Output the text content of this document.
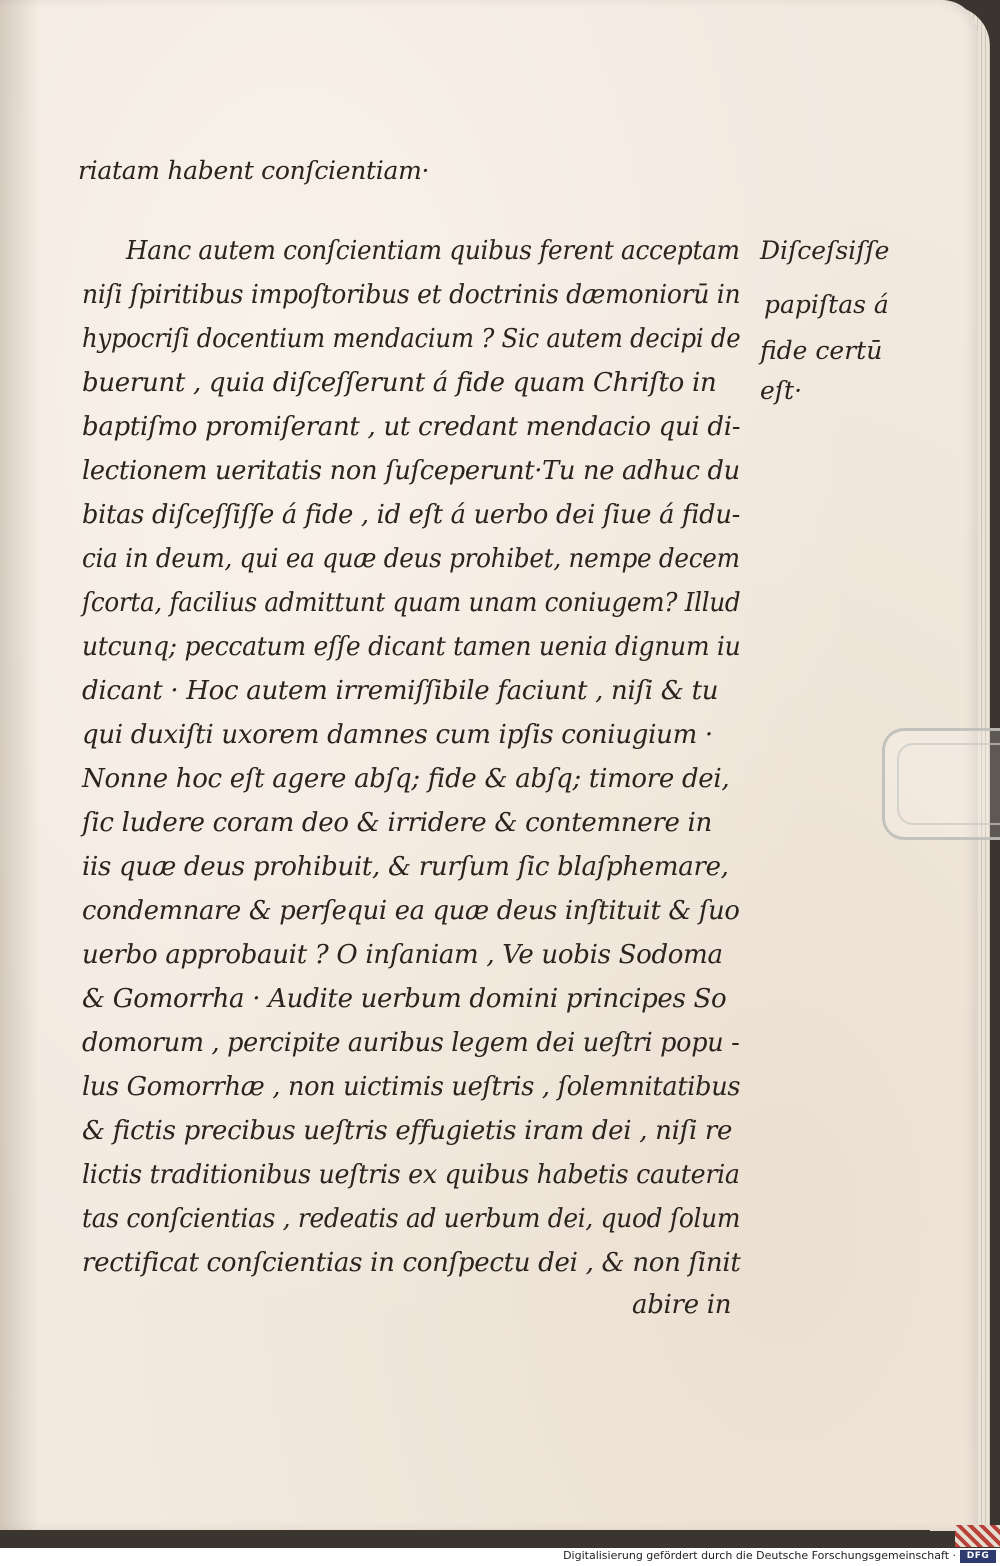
riatam habent conſcientiam·
Hanc autem conſcientiam quibus ferent acceptam
niſi ſpiritibus impoſtoribus et doctrinis dæmoniorū in
hypocriſi docentium mendacium ? Sic autem decipi de
buerunt , quia diſceſſerunt á fide quam Chriſto in
baptiſmo promiſerant , ut credant mendacio qui di-
lectionem ueritatis non ſuſceperunt·Tu ne adhuc du
bitas diſceſſiſſe á fide , id eſt á uerbo dei ſiue á fidu-
cia in deum, qui ea quæ deus prohibet, nempe decem
ſcorta, facilius admittunt quam unam coniugem? Illud
utcunq; peccatum eſſe dicant tamen uenia dignum iu
dicant · Hoc autem irremiſſibile faciunt , niſi & tu
qui duxiſti uxorem damnes cum ipſis coniugium ·
Nonne hoc eſt agere abſq; fide & abſq; timore dei,
ſic ludere coram deo & irridere & contemnere in
iis quæ deus prohibuit, & rurſum ſic blaſphemare,
condemnare & perſequi ea quæ deus inſtituit & ſuo
uerbo approbauit ? O inſaniam , Ve uobis Sodoma
& Gomorrha · Audite uerbum domini principes So
domorum , percipite auribus legem dei ueſtri popu -
lus Gomorrhæ , non uictimis ueſtris , ſolemnitatibus
& fictis precibus ueſtris effugietis iram dei , niſi re
lictis traditionibus ueſtris ex quibus habetis cauteria
tas conſcientias , redeatis ad uerbum dei, quod ſolum
rectificat conſcientias in conſpectu dei , & non ſinit
abire in
Diſceſsiſſe
papiſtas á
fide certū
eſt·
Digitalisierung gefördert durch die Deutsche Forschungsgemeinschaft ·	DFG
